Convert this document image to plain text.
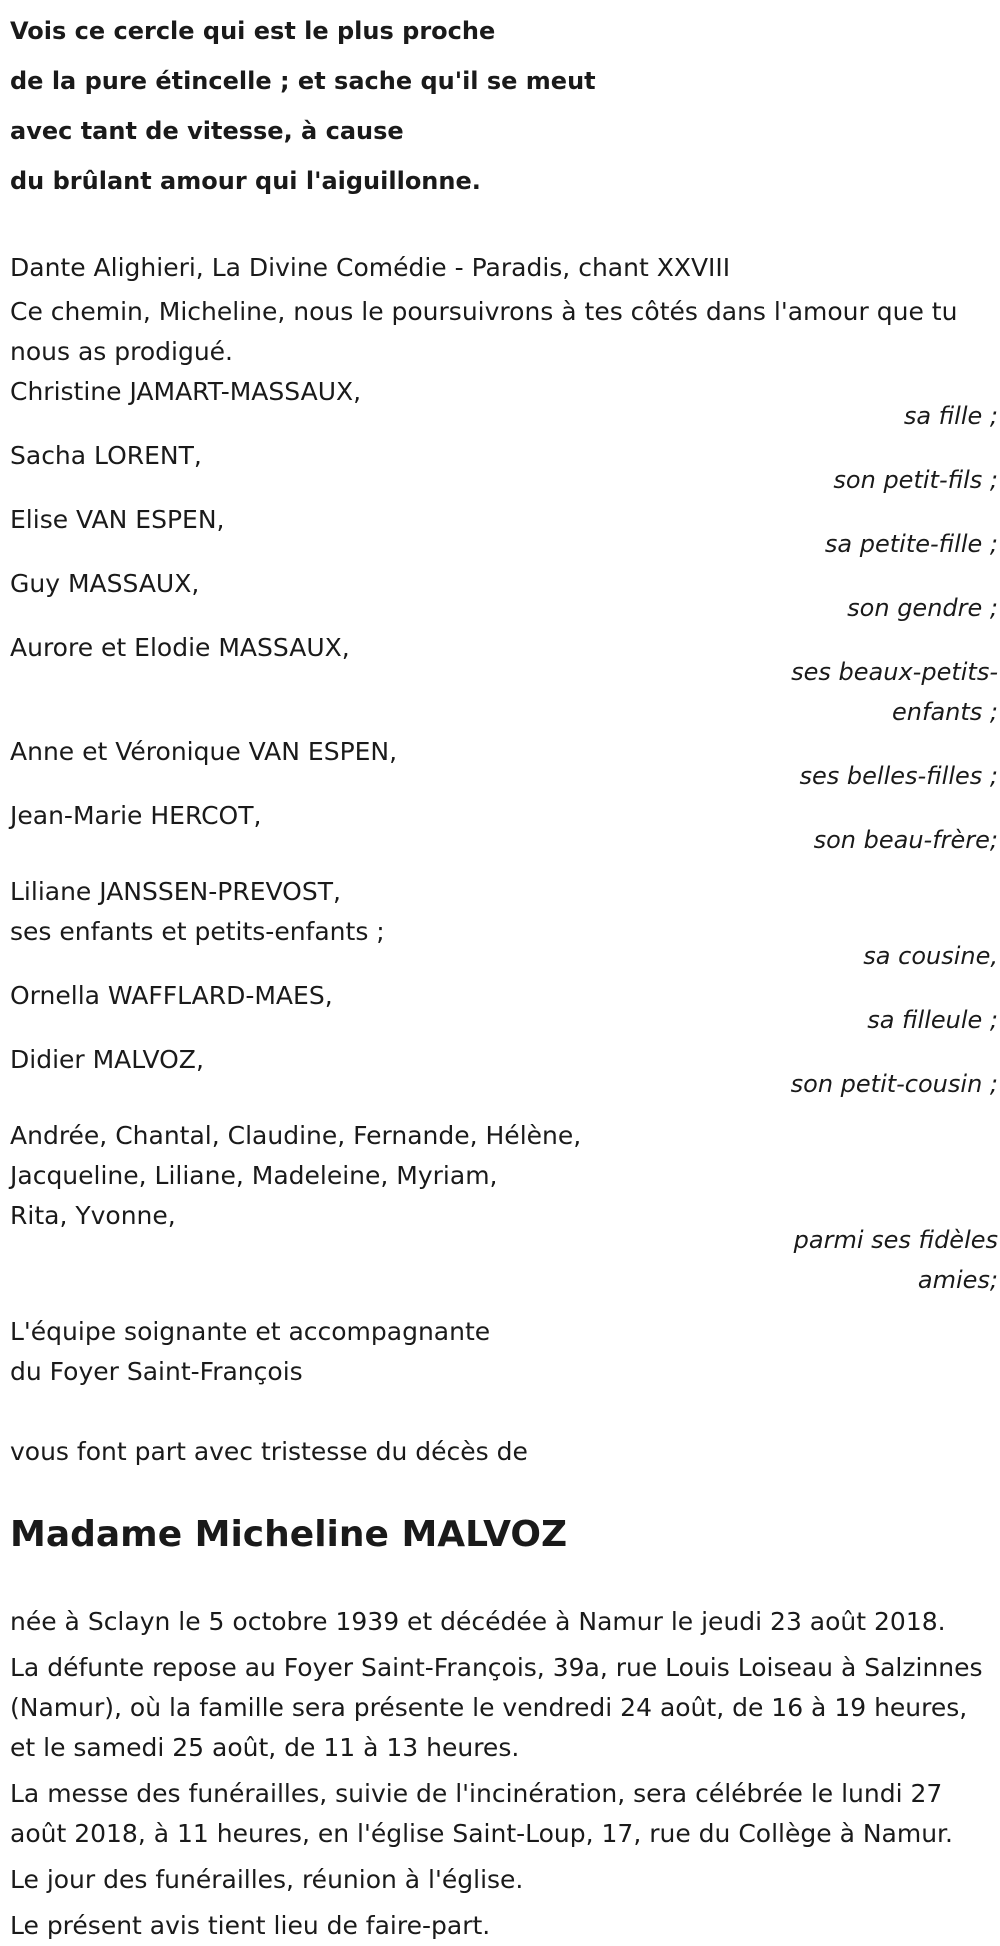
Vois ce cercle qui est le plus proche
de la pure étincelle ; et sache qu'il se meut
avec tant de vitesse, à cause
du brûlant amour qui l'aiguillonne.
Dante Alighieri, La Divine Comédie - Paradis, chant XXVIII
Ce chemin, Micheline, nous le poursuivrons à tes côtés dans l'amour que tu nous as prodigué.
Christine JAMART-MASSAUX,
sa fille ;
Sacha LORENT,
son petit-fils ;
Elise VAN ESPEN,
sa petite-fille ;
Guy MASSAUX,
son gendre ;
Aurore et Elodie MASSAUX,
ses beaux-petits-
enfants ;
Anne et Véronique VAN ESPEN,
ses belles-filles ;
Jean-Marie HERCOT,
son beau-frère;
Liliane JANSSEN-PREVOST,
ses enfants et petits-enfants ;
sa cousine,
Ornella WAFFLARD-MAES,
sa filleule ;
Didier MALVOZ,
son petit-cousin ;
Andrée, Chantal, Claudine, Fernande, Hélène,
Jacqueline, Liliane, Madeleine, Myriam,
Rita, Yvonne,
parmi ses fidèles
amies;
L'équipe soignante et accompagnante
du Foyer Saint-François
vous font part avec tristesse du décès de
Madame Micheline MALVOZ

née à Sclayn le 5 octobre 1939 et décédée à Namur le jeudi 23 août 2018.

La défunte repose au Foyer Saint-François, 39a, rue Louis Loiseau à Salzinnes (Namur), où la famille sera présente le vendredi 24 août, de 16 à 19 heures, et le samedi 25 août, de 11 à 13 heures.

La messe des funérailles, suivie de l'incinération, sera célébrée le lundi 27 août 2018, à 11 heures, en l'église Saint-Loup, 17, rue du Collège à Namur.

Le jour des funérailles, réunion à l'église.

Le présent avis tient lieu de faire-part.
